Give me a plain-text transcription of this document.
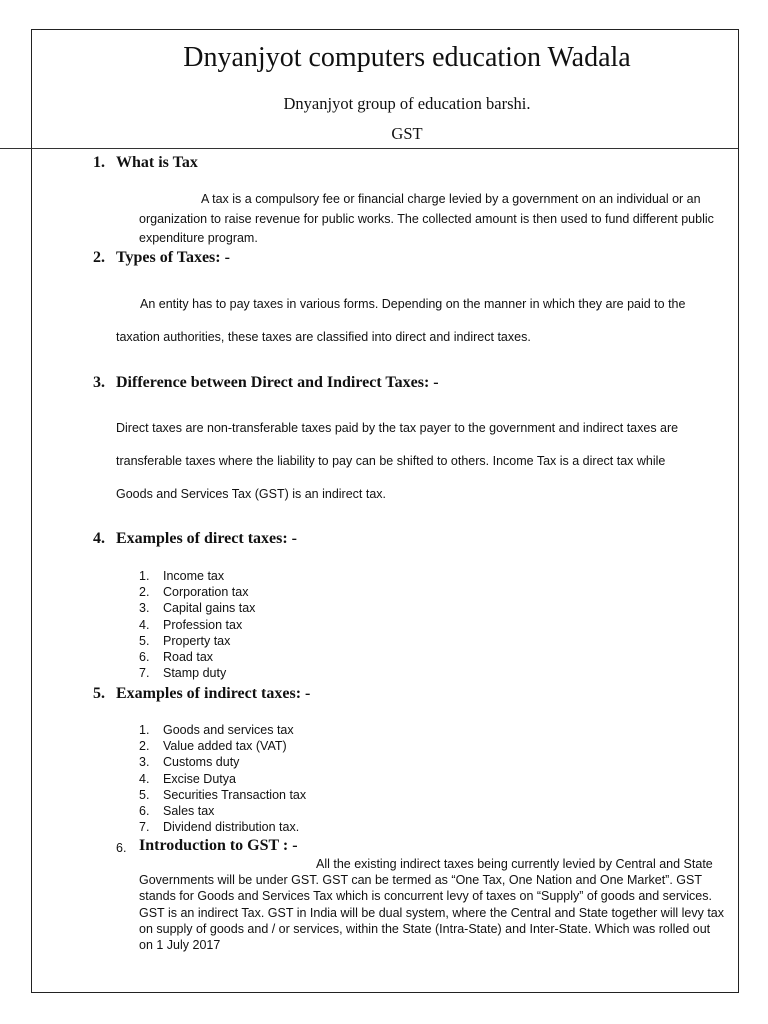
Dnyanjyot computers education Wadala
Dnyanjyot group of education barshi.
GST
1. What is Tax
A tax is a compulsory fee or financial charge levied by a government on an individual or an organization to raise revenue for public works. The collected amount is then used to fund different public expenditure program.
2. Types of Taxes: -
An entity has to pay taxes in various forms. Depending on the manner in which they are paid to the
taxation authorities, these taxes are classified into direct and indirect taxes.
3. Difference between Direct and Indirect Taxes: -
Direct taxes are non-transferable taxes paid by the tax payer to the government and indirect taxes are
transferable taxes where the liability to pay can be shifted to others. Income Tax is a direct tax while
Goods and Services Tax (GST) is an indirect tax.
4. Examples of direct taxes: -
1. Income tax
2. Corporation tax
3. Capital gains tax
4. Profession tax
5. Property tax
6. Road tax
7. Stamp duty
5. Examples of indirect taxes: -
1. Goods and services tax
2. Value added tax (VAT)
3. Customs duty
4. Excise Dutya
5. Securities Transaction tax
6. Sales tax
7. Dividend distribution tax.
6. Introduction to GST : -
All the existing indirect taxes being currently levied by Central and State Governments will be under GST. GST can be termed as “One Tax, One Nation and One Market”. GST stands for Goods and Services Tax which is concurrent levy of taxes on “Supply” of goods and services. GST is an indirect Tax. GST in India will be dual system, where the Central and State together will levy tax on supply of goods and / or services, within the State (Intra-State) and Inter-State. Which was rolled out on 1 July 2017
